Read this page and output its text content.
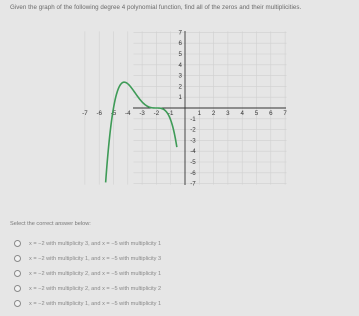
Given the graph of the following degree 4 polynomial function, find all of the zeros and their multiplicities.
-7 -6 -5 -4 -3 -2 -1	1 2 3 4 5 6 7
1
2
3
4
5
6
7
-1
-2
-3
-4
-5
-6
-7
Select the correct answer below:
x = −2 with multiplicity 3, and x = −5 with multiplicity 1
x = −2 with multiplicity 1, and x = −5 with multiplicity 3
x = −2 with multiplicity 2, and x = −5 with multiplicity 1
x = −2 with multiplicity 2, and x = −5 with multiplicity 2
x = −2 with multiplicity 1, and x = −5 with multiplicity 1
